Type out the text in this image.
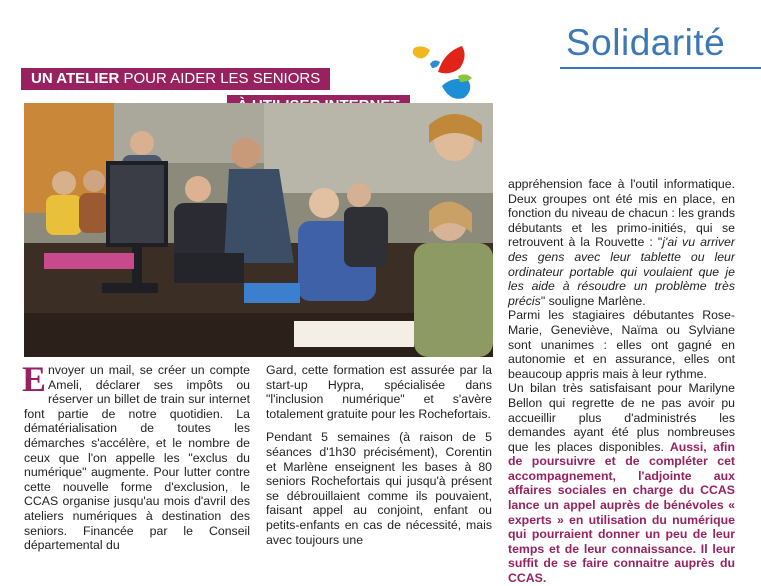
Solidarité
UN ATELIER POUR AIDER LES SENIORS
Envoyer un mail, se créer un compte Ameli, déclarer ses impôts ou réserver un billet de train sur internet font partie de notre quotidien. La dématérialisation de toutes les démarches s'accélère, et le nombre de ceux que l'on appelle les "exclus du numérique" augmente. Pour lutter contre cette nouvelle forme d'exclusion, le CCAS organise jusqu'au mois d'avril des ateliers numériques à destination des seniors. Financée par le Conseil départemental du

Gard, cette formation est assurée par la start-up Hypra, spécialisée dans "l'inclusion numérique" et s'avère totalement gratuite pour les Rochefortais.

Pendant 5 semaines (à raison de 5 séances d'1h30 précisément), Corentin et Marlène enseignent les bases à 80 seniors Rochefortais qui jusqu'à présent se débrouillaient comme ils pouvaient, faisant appel au conjoint, enfant ou petits-enfants en cas de nécessité, mais avec toujours une

appréhension face à l'outil informatique. Deux groupes ont été mis en place, en fonction du niveau de chacun : les grands débutants et les primo-initiés, qui se retrouvent à la Rouvette : "j'ai vu arriver des gens avec leur tablette ou leur ordinateur portable qui voulaient que je les aide à résoudre un problème très précis" souligne Marlène.

Parmi les stagiaires débutantes Rose-Marie, Geneviève, Naïma ou Sylviane sont unanimes : elles ont gagné en autonomie et en assurance, elles ont beaucoup appris mais à leur rythme.

Un bilan très satisfaisant pour Marilyne Bellon qui regrette de ne pas avoir pu accueillir plus d'administrés les demandes ayant été plus nombreuses que les places disponibles. Aussi, afin de poursuivre et de compléter cet accompagnement, l'adjointe aux affaires sociales en charge du CCAS lance un appel auprès de bénévoles « experts » en utilisation du numérique qui pourraient donner un peu de leur temps et de leur connaissance. Il leur suffit de se faire connaitre auprès du CCAS.
